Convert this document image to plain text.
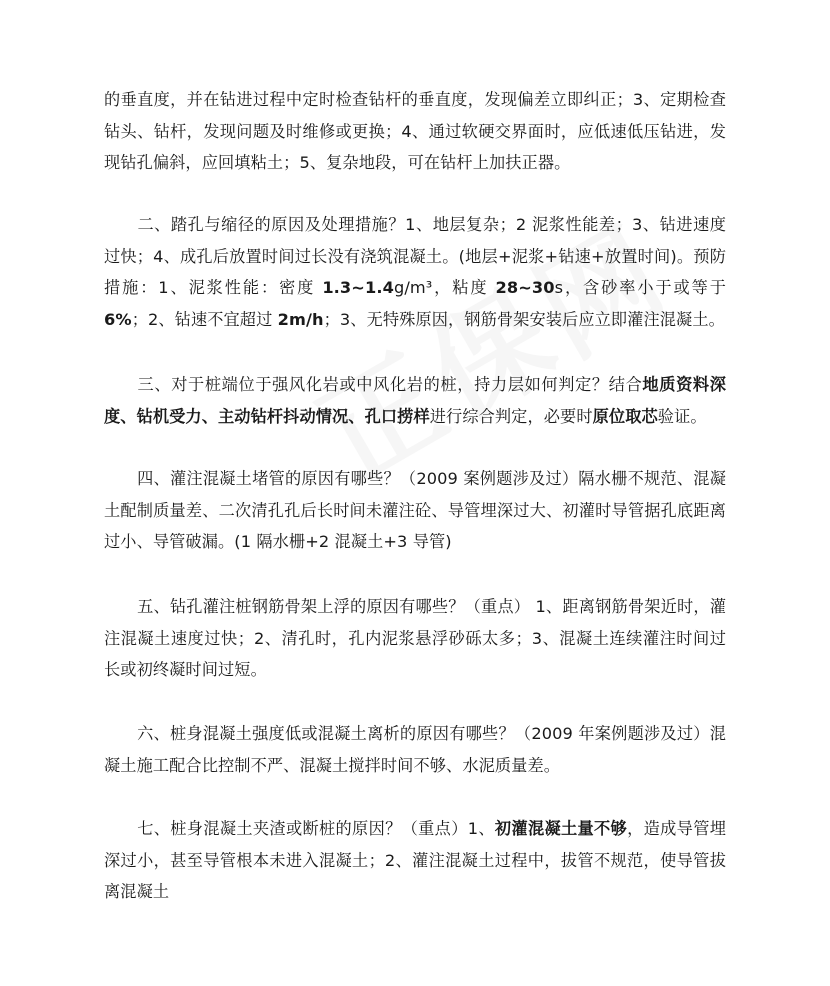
的垂直度，并在钻进过程中定时检查钻杆的垂直度，发现偏差立即纠正；3、定期检查钻头、钻杆，发现问题及时维修或更换；4、通过软硬交界面时，应低速低压钻进，发现钻孔偏斜，应回填粘土；5、复杂地段，可在钻杆上加扶正器。

二、踏孔与缩径的原因及处理措施？1、地层复杂；2 泥浆性能差；3、钻进速度过快；4、成孔后放置时间过长没有浇筑混凝土。(地层+泥浆+钻速+放置时间)。预防措施：1、泥浆性能：密度 1.3~1.4g/m³，粘度 28~30s，含砂率小于或等于 6%；2、钻速不宜超过 2m/h；3、无特殊原因，钢筋骨架安装后应立即灌注混凝土。

三、对于桩端位于强风化岩或中风化岩的桩，持力层如何判定？结合地质资料深度、钻机受力、主动钻杆抖动情况、孔口捞样进行综合判定，必要时原位取芯验证。

四、灌注混凝土堵管的原因有哪些？（2009 案例题涉及过）隔水栅不规范、混凝土配制质量差、二次清孔孔后长时间未灌注砼、导管埋深过大、初灌时导管据孔底距离过小、导管破漏。(1 隔水栅+2 混凝土+3 导管)

五、钻孔灌注桩钢筋骨架上浮的原因有哪些？（重点） 1、距离钢筋骨架近时，灌注混凝土速度过快；2、清孔时，孔内泥浆悬浮砂砾太多；3、混凝土连续灌注时间过长或初终凝时间过短。

六、桩身混凝土强度低或混凝土离析的原因有哪些？（2009 年案例题涉及过）混凝土施工配合比控制不严、混凝土搅拌时间不够、水泥质量差。

七、桩身混凝土夹渣或断桩的原因？（重点）1、初灌混凝土量不够，造成导管埋深过小，甚至导管根本未进入混凝土；2、灌注混凝土过程中，拔管不规范，使导管拔离混凝土
